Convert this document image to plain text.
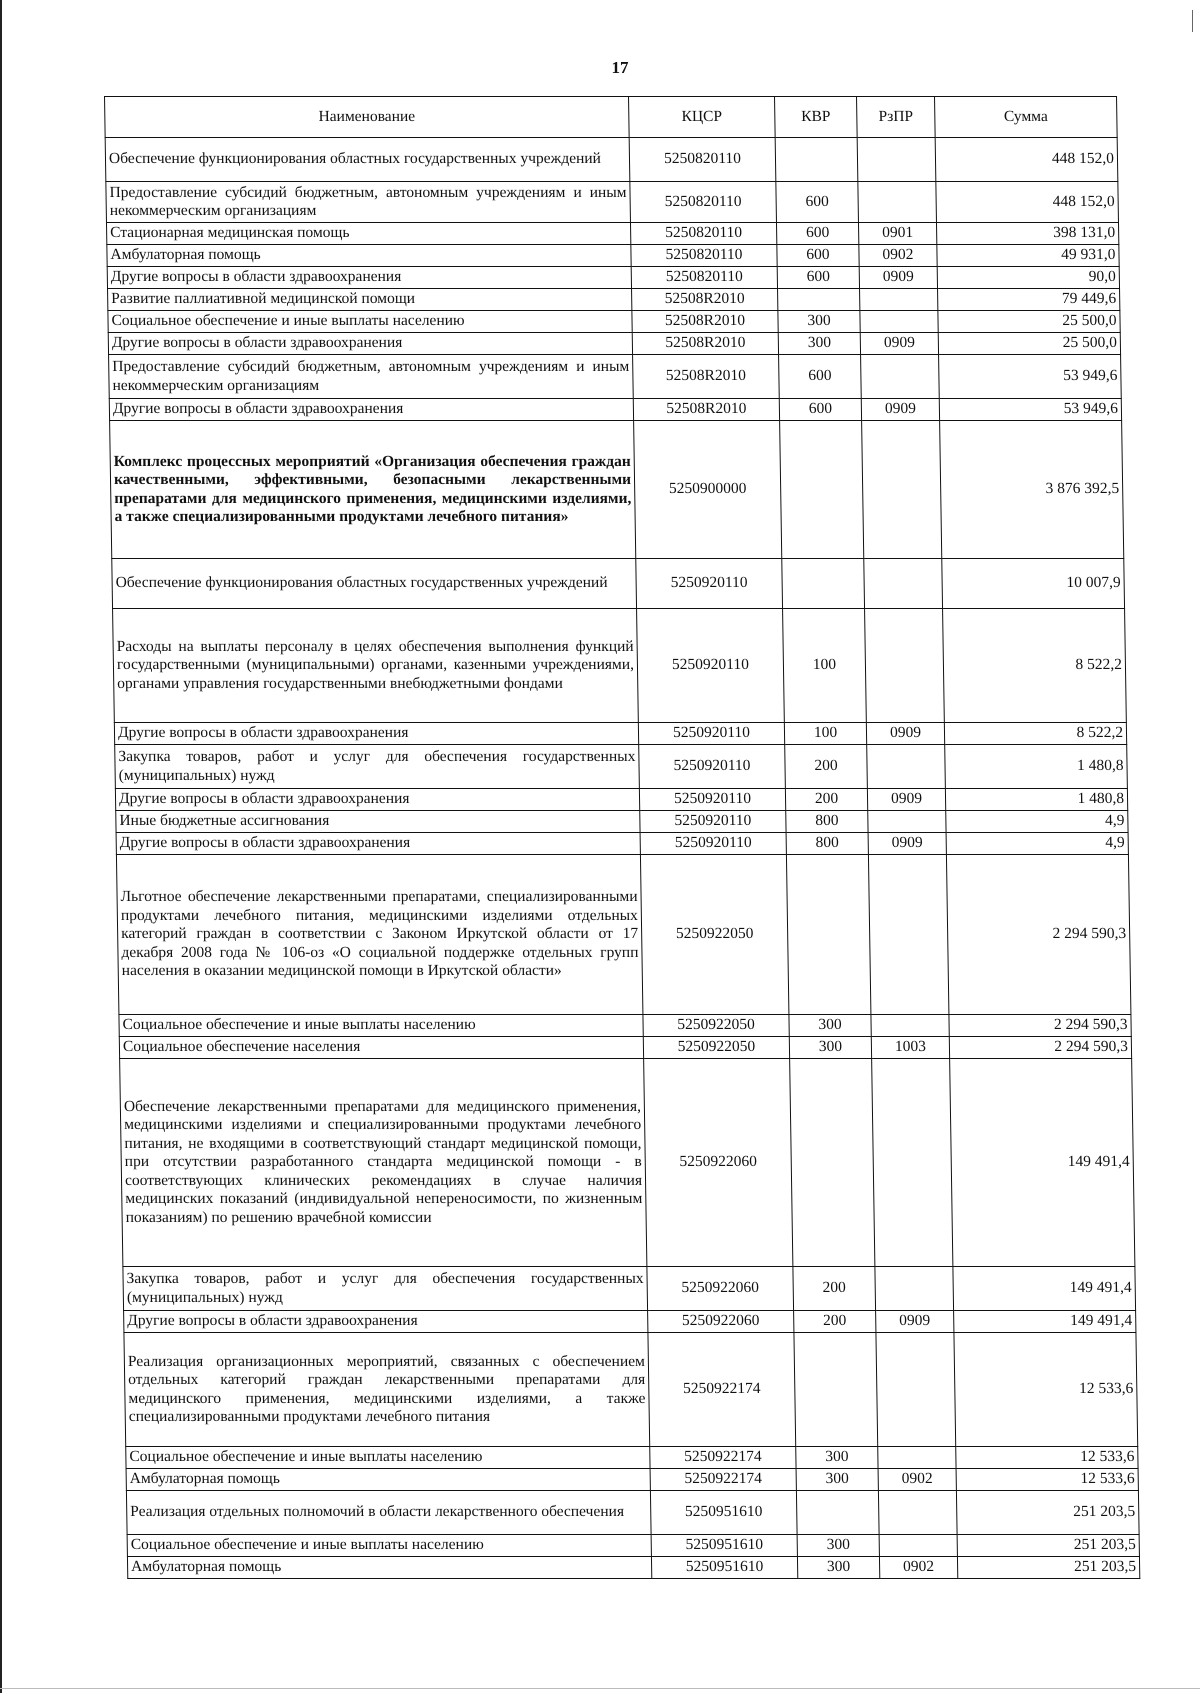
17
Наименование	КЦСР	КВР	РзПР	Сумма
Обеспечение функционирования областных государственных учреждений	5250820110			448 152,0
Предоставление субсидий бюджетным, автономным учреждениям и иным некоммерческим организациям	5250820110	600		448 152,0
Стационарная медицинская помощь	5250820110	600	0901	398 131,0
Амбулаторная помощь	5250820110	600	0902	49 931,0
Другие вопросы в области здравоохранения	5250820110	600	0909	90,0
Развитие паллиативной медицинской помощи	52508R2010			79 449,6
Социальное обеспечение и иные выплаты населению	52508R2010	300		25 500,0
Другие вопросы в области здравоохранения	52508R2010	300	0909	25 500,0
Предоставление субсидий бюджетным, автономным учреждениям и иным некоммерческим организациям	52508R2010	600		53 949,6
Другие вопросы в области здравоохранения	52508R2010	600	0909	53 949,6
Комплекс процессных мероприятий «Организация обеспечения граждан качественными, эффективными, безопасными лекарственными препаратами для медицинского применения, медицинскими изделиями, а также специализированными продуктами лечебного питания»	5250900000			3 876 392,5
Обеспечение функционирования областных государственных учреждений	5250920110			10 007,9
Расходы на выплаты персоналу в целях обеспечения выполнения функций государственными (муниципальными) органами, казенными учреждениями, органами управления государственными внебюджетными фондами	5250920110	100		8 522,2
Другие вопросы в области здравоохранения	5250920110	100	0909	8 522,2
Закупка товаров, работ и услуг для обеспечения государственных (муниципальных) нужд	5250920110	200		1 480,8
Другие вопросы в области здравоохранения	5250920110	200	0909	1 480,8
Иные бюджетные ассигнования	5250920110	800		4,9
Другие вопросы в области здравоохранения	5250920110	800	0909	4,9
Льготное обеспечение лекарственными препаратами, специализированными продуктами лечебного питания, медицинскими изделиями отдельных категорий граждан в соответствии с Законом Иркутской области от 17 декабря 2008 года № 106-оз «О социальной поддержке отдельных групп населения в оказании медицинской помощи в Иркутской области»	5250922050			2 294 590,3
Социальное обеспечение и иные выплаты населению	5250922050	300		2 294 590,3
Социальное обеспечение населения	5250922050	300	1003	2 294 590,3
Обеспечение лекарственными препаратами для медицинского применения, медицинскими изделиями и специализированными продуктами лечебного питания, не входящими в соответствующий стандарт медицинской помощи, при отсутствии разработанного стандарта медицинской помощи - в соответствующих клинических рекомендациях в случае наличия медицинских показаний (индивидуальной непереносимости, по жизненным показаниям) по решению врачебной комиссии	5250922060			149 491,4
Закупка товаров, работ и услуг для обеспечения государственных (муниципальных) нужд	5250922060	200		149 491,4
Другие вопросы в области здравоохранения	5250922060	200	0909	149 491,4
Реализация организационных мероприятий, связанных с обеспечением отдельных категорий граждан лекарственными препаратами для медицинского применения, медицинскими изделиями, а также специализированными продуктами лечебного питания	5250922174			12 533,6
Социальное обеспечение и иные выплаты населению	5250922174	300		12 533,6
Амбулаторная помощь	5250922174	300	0902	12 533,6
Реализация отдельных полномочий в области лекарственного обеспечения	5250951610			251 203,5
Социальное обеспечение и иные выплаты населению	5250951610	300		251 203,5
Амбулаторная помощь	5250951610	300	0902	251 203,5
